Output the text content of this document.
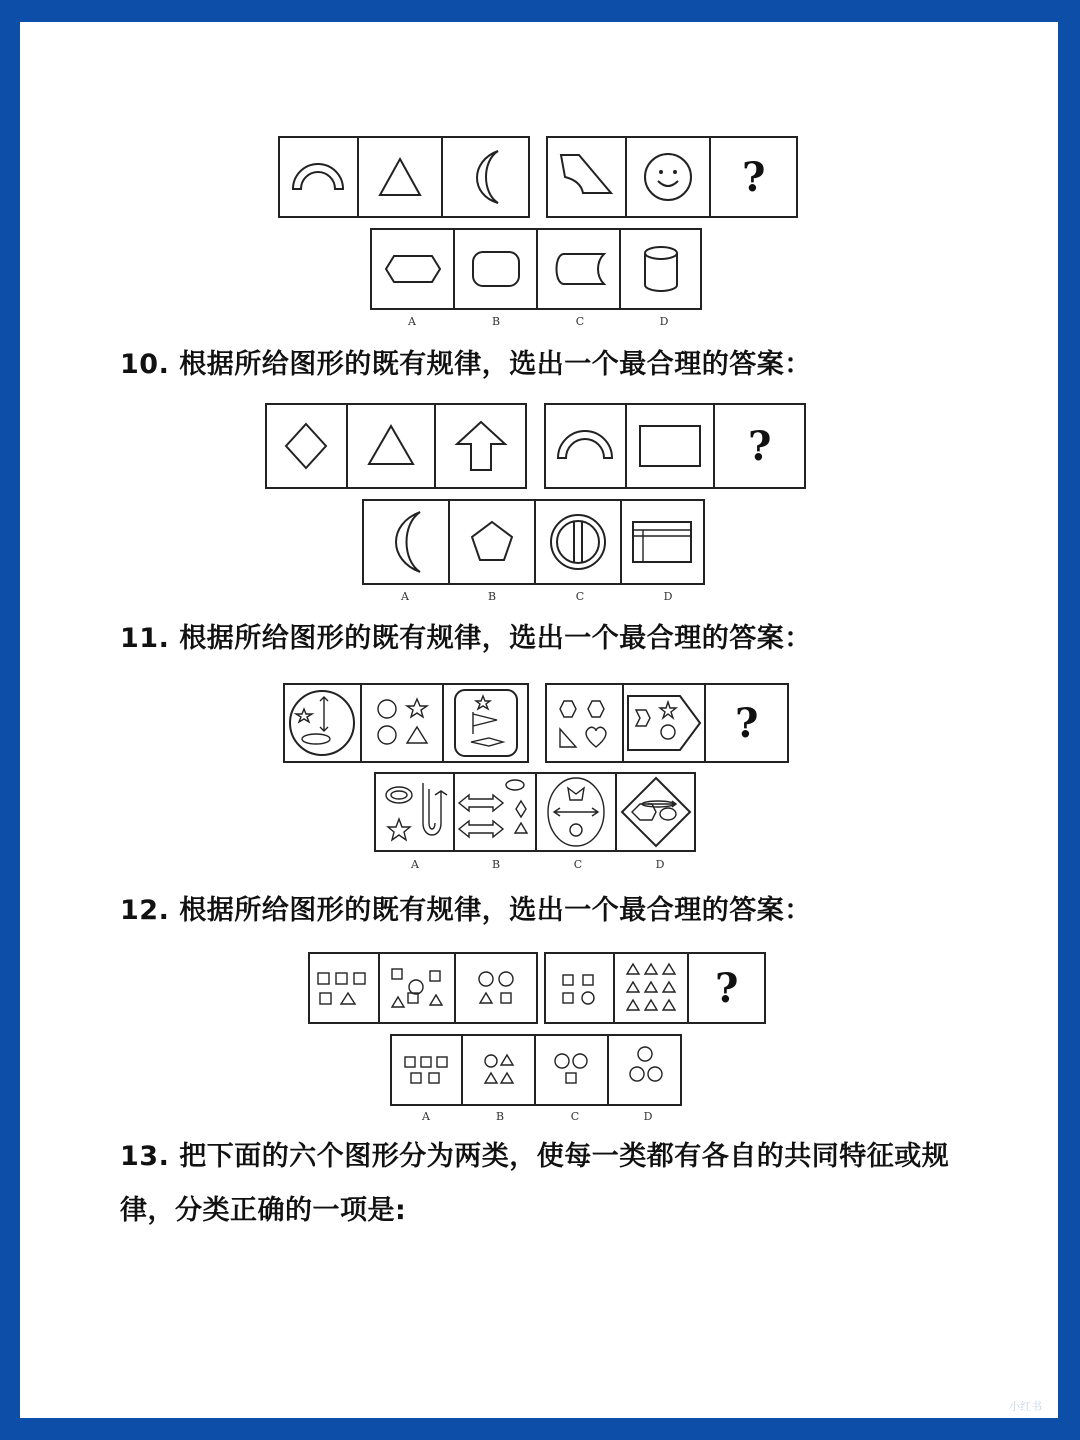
?
A	B	C	D
10. 根据所给图形的既有规律，选出一个最合理的答案：
?
A	B	C	D
11. 根据所给图形的既有规律，选出一个最合理的答案：
?
A	B	C	D
12. 根据所给图形的既有规律，选出一个最合理的答案：
?
A	B	C	D
13. 把下面的六个图形分为两类，使每一类都有各自的共同特征或规律，分类正确的一项是:
小红书
